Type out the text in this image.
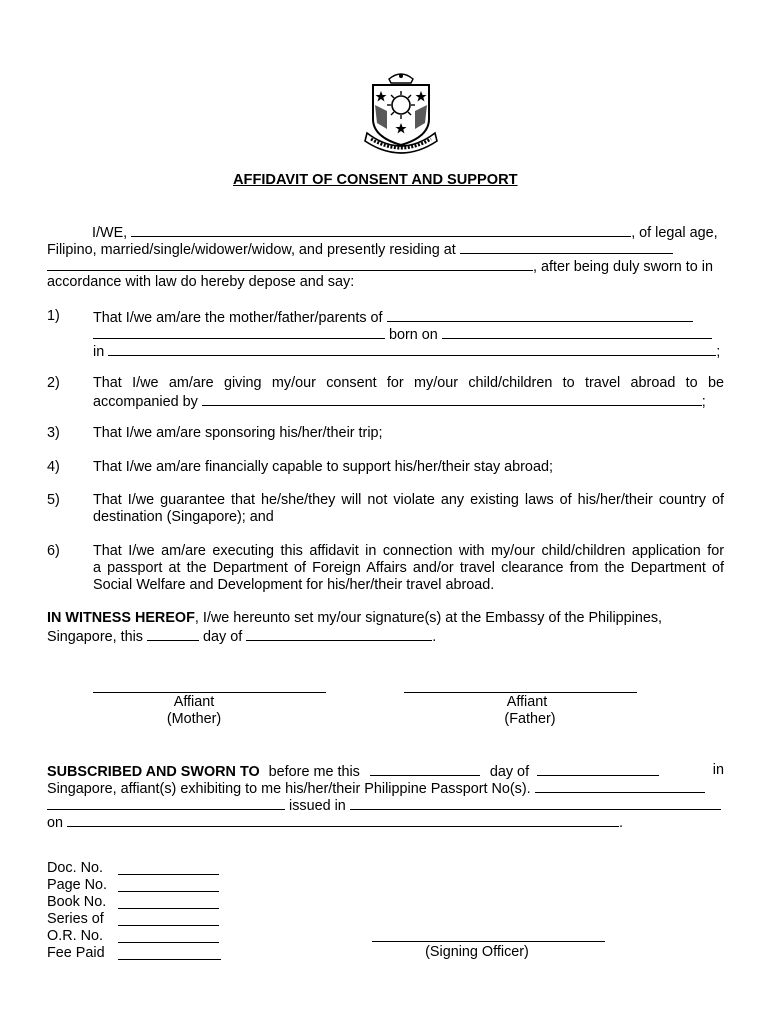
AFFIDAVIT OF CONSENT AND SUPPORT
I/WE,	, of legal age,
Filipino, married/single/widower/widow, and presently residing at
, after being duly sworn to in
accordance with law do hereby depose and say:
1) That I/we am/are the mother/father/parents of
born on
in	;
2) That I/we am/are giving my/our consent for my/our child/children to travel abroad to be
accompanied by	;
3) That I/we am/are sponsoring his/her/their trip;
4) That I/we am/are financially capable to support his/her/their stay abroad;
5) That I/we guarantee that he/she/they will not violate any existing laws of his/her/their country of
destination (Singapore); and
6) That I/we am/are executing this affidavit in connection with my/our child/children application for
a passport at the Department of Foreign Affairs and/or travel clearance from the Department of
Social Welfare and Development for his/her/their travel abroad.
IN WITNESS HEREOF, I/we hereunto set my/our signature(s) at the Embassy of the Philippines,
Singapore, this	day of	.
Affiant
(Mother)
Affiant
(Father)
SUBSCRIBED AND SWORN TO before me this	day of	in
Singapore, affiant(s) exhibiting to me his/her/their Philippine Passport No(s).
issued in
on	.
Doc. No.
Page No.
Book No.
Series of
O.R. No.
Fee Paid	(Signing Officer)
